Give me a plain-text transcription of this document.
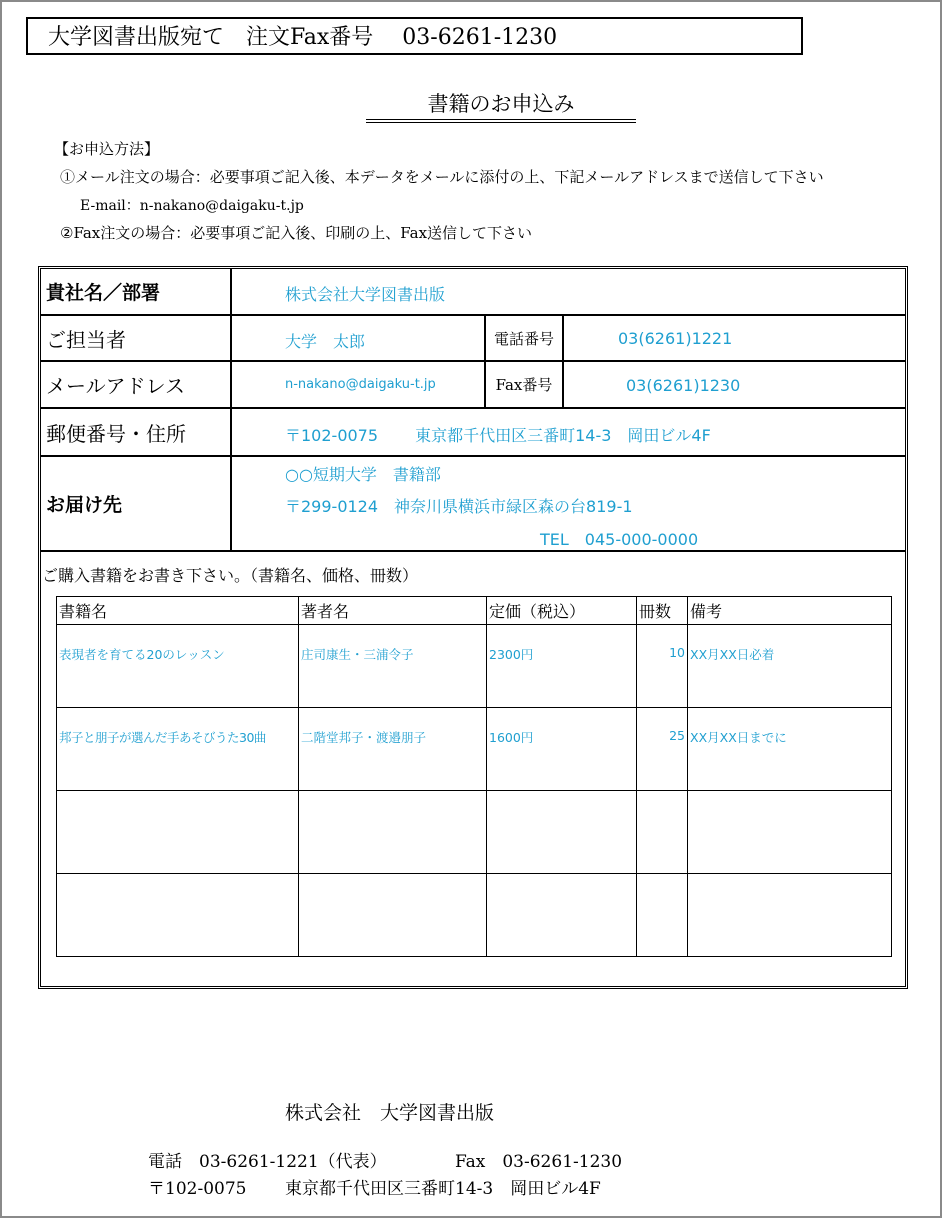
大学図書出版宛て　注文Fax番号　 03-6261-1230
書籍のお申込み
【お申込方法】
①メール注文の場合：必要事項ご記入後、本データをメールに添付の上、下記メールアドレスまで送信して下さい
E-mail：n-nakano@daigaku-t.jp
②Fax注文の場合：必要事項ご記入後、印刷の上、Fax送信して下さい
貴社名／部署	株式会社大学図書出版
ご担当者	大学　太郎	電話番号	03(6261)1221
メールアドレス	n-nakano@daigaku-t.jp	Fax番号	03(6261)1230
郵便番号・住所	〒102-0075　　 東京都千代田区三番町14-3　岡田ビル4F
お届け先
○○短期大学　書籍部
〒299-0124　神奈川県横浜市緑区森の台819-1
TEL　045-000-0000
ご購入書籍をお書き下さい。（書籍名、価格、冊数）
書籍名	著者名	定価（税込）	冊数	備考
表現者を育てる20のレッスン	庄司康生・三浦令子	2300円	10	XX月XX日必着
邦子と朋子が選んだ手あそびうた30曲	二階堂邦子・渡邉朋子	1600円	25	XX月XX日までに

株式会社　大学図書出版
電話　03-6261-1221（代表）	Fax　03-6261-1230
〒102-0075 東京都千代田区三番町14-3　岡田ビル4F
